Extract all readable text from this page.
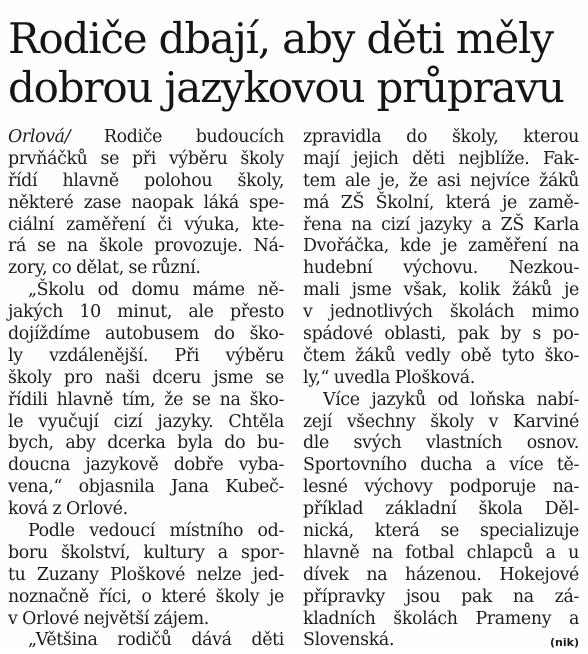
Rodiče dbají, aby děti měly
dobrou jazykovou průpravu
Orlová/ Rodiče budoucích
prvňáčků se při výběru školy
řídí hlavně polohou školy,
některé zase naopak láká spe-
ciální zaměření či výuka, kte-
rá se na škole provozuje. Ná-
zory, co dělat, se různí.
„Školu od domu máme ně-
jakých 10 minut, ale přesto
dojíždíme autobusem do ško-
ly vzdálenější. Při výběru
školy pro naši dceru jsme se
řídili hlavně tím, že se na ško-
le vyučují cizí jazyky. Chtěla
bych, aby dcerka byla do bu-
doucna jazykově dobře vyba-
vena,“ objasnila Jana Kubeč-
ková z Orlové.
Podle vedoucí místního od-
boru školství, kultury a spor-
tu Zuzany Ploškové nelze jed-
noznačně říci, o které školy je
v Orlové největší zájem.
„Většina rodičů dává děti
zpravidla do školy, kterou
mají jejich děti nejblíže. Fak-
tem ale je, že asi nejvíce žáků
má ZŠ Školní, která je zamě-
řena na cizí jazyky a ZŠ Karla
Dvořáčka, kde je zaměření na
hudební výchovu. Nezkou-
mali jsme však, kolik žáků je
v jednotlivých školách mimo
spádové oblasti, pak by s po-
čtem žáků vedly obě tyto ško-
ly,“ uvedla Plošková.
Více jazyků od loňska nabí-
zejí všechny školy v Karviné
dle svých vlastních osnov.
Sportovního ducha a více tě-
lesné výchovy podporuje na-
příklad základní škola Děl-
nická, která se specializuje
hlavně na fotbal chlapců a u
dívek na házenou. Hokejové
přípravky jsou pak na zá-
kladních školách Prameny a
Slovenská.	(nik)
